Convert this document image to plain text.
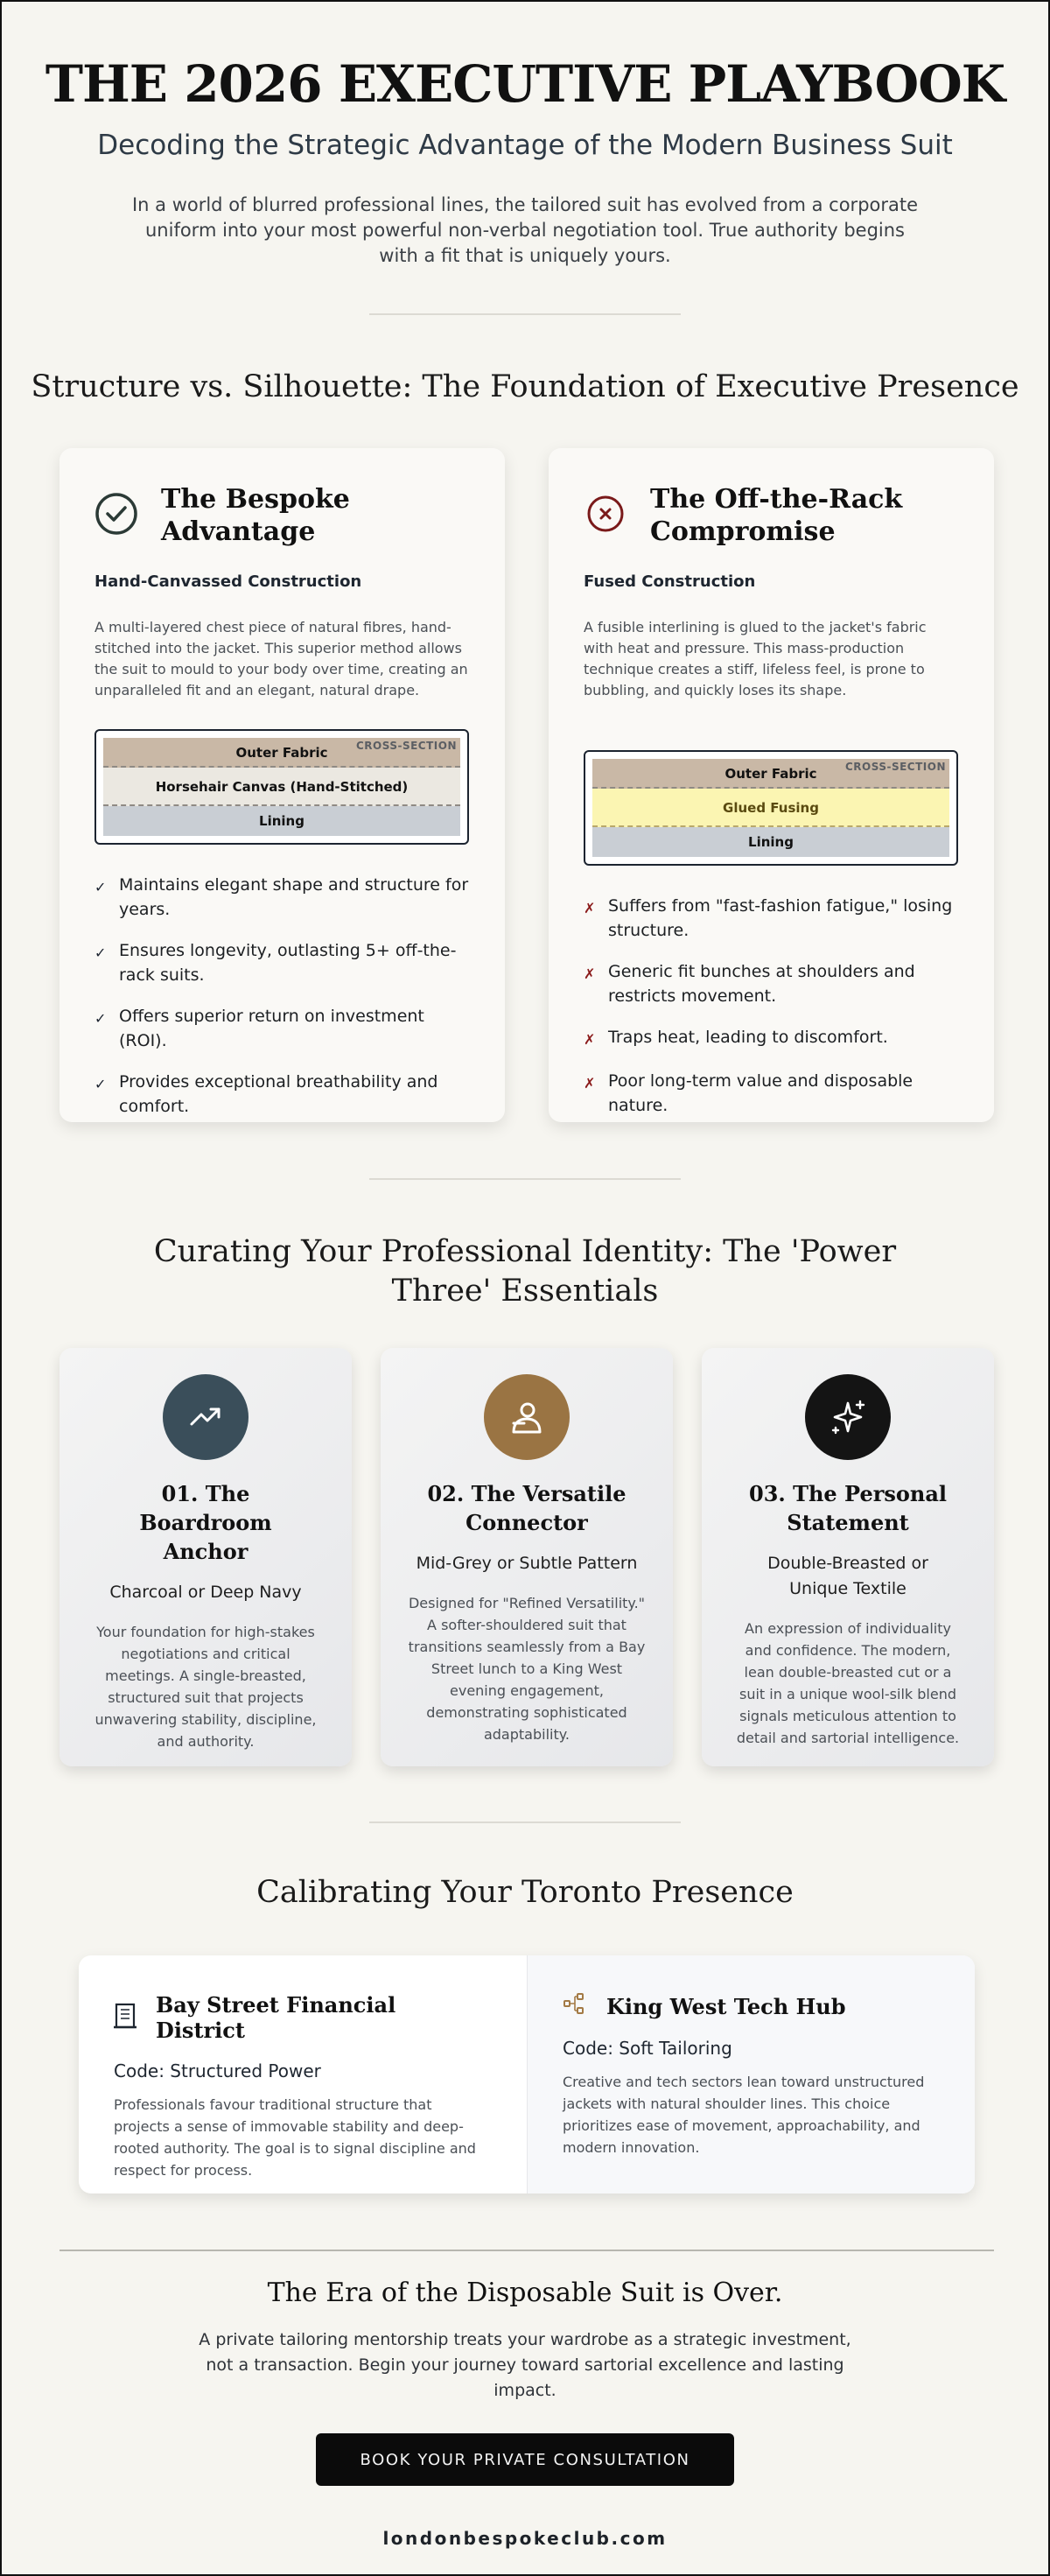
THE 2026 EXECUTIVE PLAYBOOK
Decoding the Strategic Advantage of the Modern Business Suit

In a world of blurred professional lines, the tailored suit has evolved from a corporate uniform into your most powerful non-verbal negotiation tool. True authority begins with a fit that is uniquely yours.

Structure vs. Silhouette: The Foundation of Executive Presence
The Bespoke Advantage
Hand-Canvassed Construction

A multi-layered chest piece of natural fibres, hand-stitched into the jacket. This superior method allows the suit to mould to your body over time, creating an unparalleled fit and an elegant, natural drape.

Outer Fabric
Horsehair Canvas (Hand-Stitched)
Lining
CROSS-SECTION
✓ Maintains elegant shape and structure for years.
✓ Ensures longevity, outlasting 5+ off-the-rack suits.
✓ Offers superior return on investment (ROI).
✓ Provides exceptional breathability and comfort.
The Off-the-Rack Compromise
Fused Construction

A fusible interlining is glued to the jacket's fabric with heat and pressure. This mass-production technique creates a stiff, lifeless feel, is prone to bubbling, and quickly loses its shape.

Outer Fabric
Glued Fusing
Lining
CROSS-SECTION
✗ Suffers from "fast-fashion fatigue," losing structure.
✗ Generic fit bunches at shoulders and restricts movement.
✗ Traps heat, leading to discomfort.
✗ Poor long-term value and disposable nature.
Curating Your Professional Identity: The 'Power Three' Essentials
01. The Boardroom Anchor
Charcoal or Deep Navy

Your foundation for high-stakes negotiations and critical meetings. A single-breasted, structured suit that projects unwavering stability, discipline, and authority.

02. The Versatile Connector
Mid-Grey or Subtle Pattern

Designed for "Refined Versatility." A softer-shouldered suit that transitions seamlessly from a Bay Street lunch to a King West evening engagement, demonstrating sophisticated adaptability.

03. The Personal Statement
Double-Breasted or Unique Textile

An expression of individuality and confidence. The modern, lean double-breasted cut or a suit in a unique wool-silk blend signals meticulous attention to detail and sartorial intelligence.

Calibrating Your Toronto Presence
Bay Street Financial District
Code: Structured Power

Professionals favour traditional structure that projects a sense of immovable stability and deep-rooted authority. The goal is to signal discipline and respect for process.

King West Tech Hub
Code: Soft Tailoring

Creative and tech sectors lean toward unstructured jackets with natural shoulder lines. This choice prioritizes ease of movement, approachability, and modern innovation.

The Era of the Disposable Suit is Over.

A private tailoring mentorship treats your wardrobe as a strategic investment, not a transaction. Begin your journey toward sartorial excellence and lasting impact.

BOOK YOUR PRIVATE CONSULTATION
londonbespokeclub.com
